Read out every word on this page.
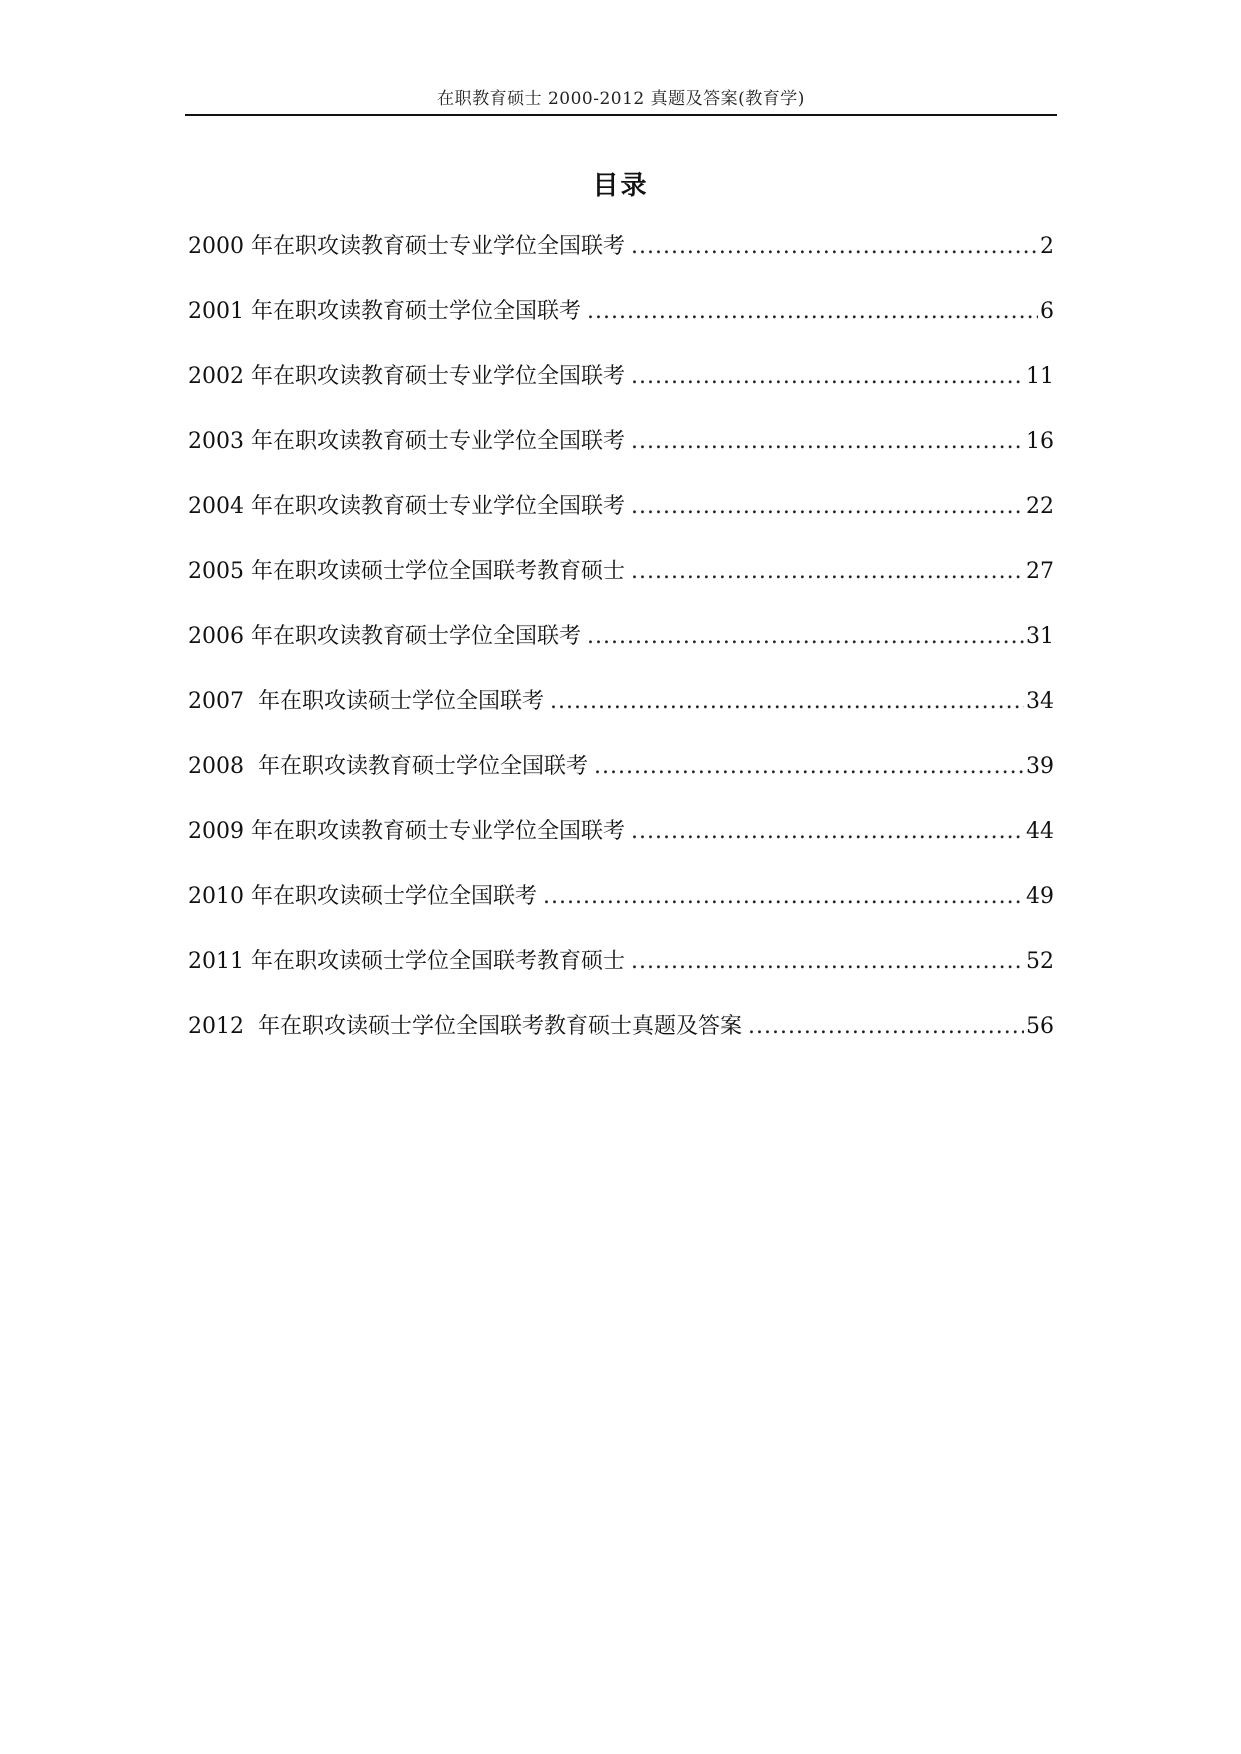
在职教育硕士 2000-2012 真题及答案(教育学)
目录
2000 年在职攻读教育硕士专业学位全国联考 .....	2
2001 年在职攻读教育硕士学位全国联考 .....	6
2002 年在职攻读教育硕士专业学位全国联考 .....	11
2003 年在职攻读教育硕士专业学位全国联考 .....	16
2004 年在职攻读教育硕士专业学位全国联考 .....	22
2005 年在职攻读硕士学位全国联考教育硕士 .....	27
2006 年在职攻读教育硕士学位全国联考 .....	31
2007  年在职攻读硕士学位全国联考 .....	34
2008  年在职攻读教育硕士学位全国联考 .....	39
2009 年在职攻读教育硕士专业学位全国联考 .....	44
2010 年在职攻读硕士学位全国联考 .....	49
2011 年在职攻读硕士学位全国联考教育硕士 .....	52
2012  年在职攻读硕士学位全国联考教育硕士真题及答案 .....	56
